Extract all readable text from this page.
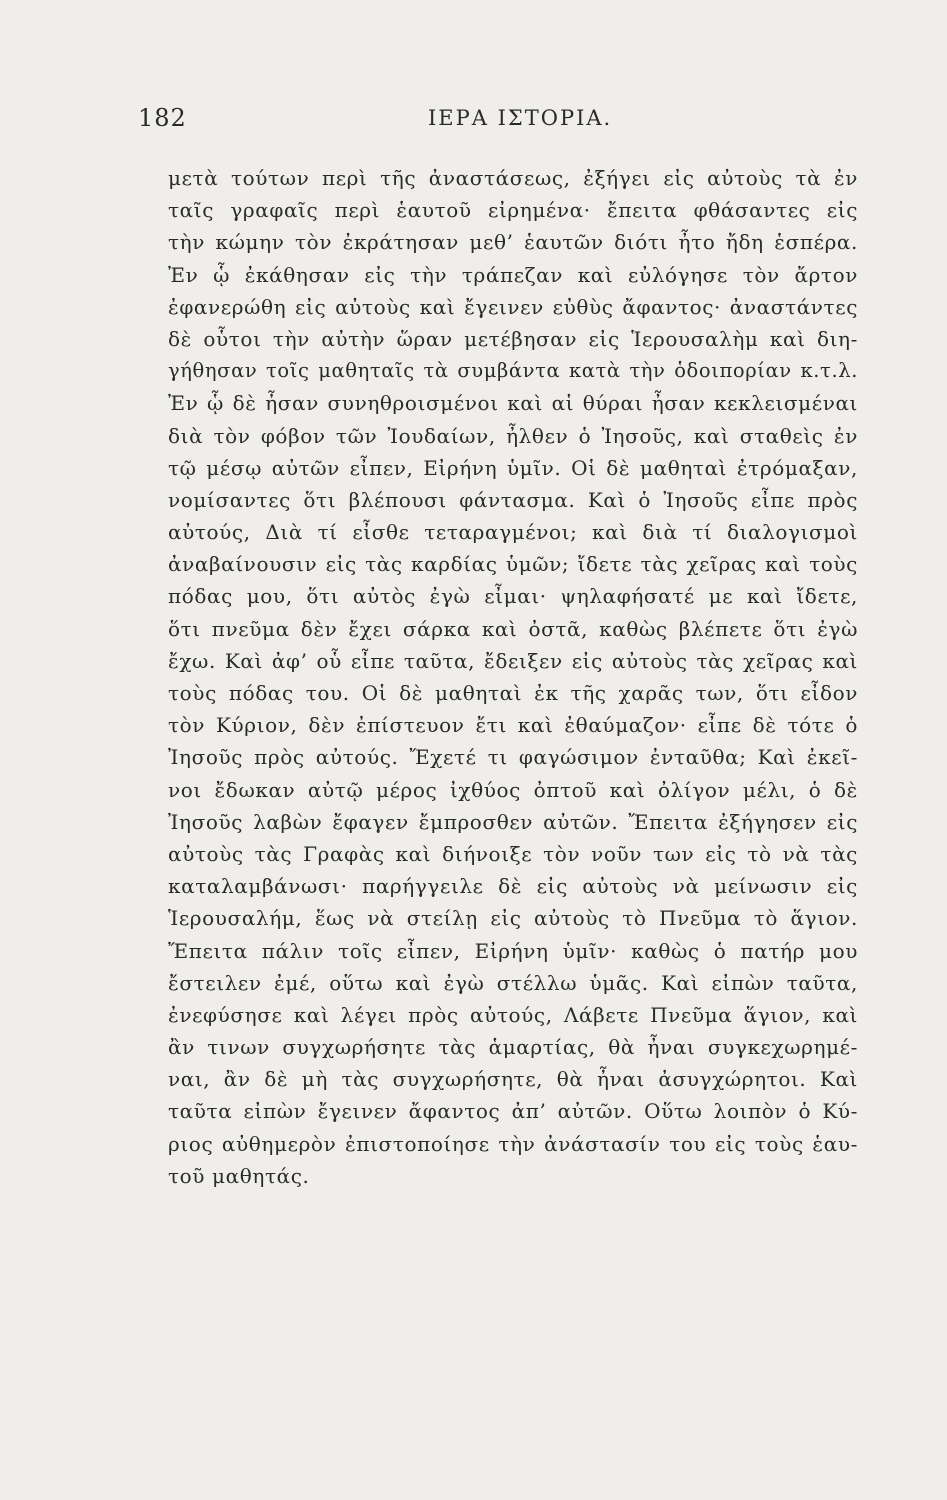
182	ΙΕΡΑ ΙΣΤΟΡΙΑ.
μετὰ τούτων περὶ τῆς ἀναστάσεως, ἐξήγει εἰς αὐτοὺς τὰ ἐν
ταῖς γραφαῖς περὶ ἑαυτοῦ εἰρημένα· ἔπειτα φθάσαντες εἰς
τὴν κώμην τὸν ἐκράτησαν μεθ’ ἑαυτῶν διότι ἦτο ἤδη ἑσπέρα.
Ἐν ᾧ ἐκάθησαν εἰς τὴν τράπεζαν καὶ εὐλόγησε τὸν ἄρτον
ἐφανερώθη εἰς αὐτοὺς καὶ ἔγεινεν εὐθὺς ἄφαντος· ἀναστάντες
δὲ οὗτοι τὴν αὐτὴν ὥραν μετέβησαν εἰς Ἱερουσαλὴμ καὶ διη-
γήθησαν τοῖς μαθηταῖς τὰ συμβάντα κατὰ τὴν ὁδοιπορίαν κ.τ.λ.
Ἐν ᾧ δὲ ἦσαν συνηθροισμένοι καὶ αἱ θύραι ἦσαν κεκλεισμέναι
διὰ τὸν φόβον τῶν Ἰουδαίων, ἦλθεν ὁ Ἰησοῦς, καὶ σταθεὶς ἐν
τῷ μέσῳ αὐτῶν εἶπεν, Εἰρήνη ὑμῖν. Οἱ δὲ μαθηταὶ ἐτρόμαξαν,
νομίσαντες ὅτι βλέπουσι φάντασμα. Καὶ ὁ Ἰησοῦς εἶπε πρὸς
αὐτούς, Διὰ τί εἶσθε τεταραγμένοι; καὶ διὰ τί διαλογισμοὶ
ἀναβαίνουσιν εἰς τὰς καρδίας ὑμῶν; ἴδετε τὰς χεῖρας καὶ τοὺς
πόδας μου, ὅτι αὐτὸς ἐγὼ εἶμαι· ψηλαφήσατέ με καὶ ἴδετε,
ὅτι πνεῦμα δὲν ἔχει σάρκα καὶ ὀστᾶ, καθὼς βλέπετε ὅτι ἐγὼ
ἔχω. Καὶ ἀφ’ οὗ εἶπε ταῦτα, ἔδειξεν εἰς αὐτοὺς τὰς χεῖρας καὶ
τοὺς πόδας του. Οἱ δὲ μαθηταὶ ἐκ τῆς χαρᾶς των, ὅτι εἶδον
τὸν Κύριον, δὲν ἐπίστευον ἔτι καὶ ἐθαύμαζον· εἶπε δὲ τότε ὁ
Ἰησοῦς πρὸς αὐτούς. Ἔχετέ τι φαγώσιμον ἐνταῦθα; Καὶ ἐκεῖ-
νοι ἔδωκαν αὐτῷ μέρος ἰχθύος ὀπτοῦ καὶ ὀλίγον μέλι, ὁ δὲ
Ἰησοῦς λαβὼν ἔφαγεν ἔμπροσθεν αὐτῶν. Ἔπειτα ἐξήγησεν εἰς
αὐτοὺς τὰς Γραφὰς καὶ διήνοιξε τὸν νοῦν των εἰς τὸ νὰ τὰς
καταλαμβάνωσι· παρήγγειλε δὲ εἰς αὐτοὺς νὰ μείνωσιν εἰς
Ἱερουσαλήμ, ἕως νὰ στείλῃ εἰς αὐτοὺς τὸ Πνεῦμα τὸ ἅγιον.
Ἔπειτα πάλιν τοῖς εἶπεν, Εἰρήνη ὑμῖν· καθὼς ὁ πατήρ μου
ἔστειλεν ἐμέ, οὕτω καὶ ἐγὼ στέλλω ὑμᾶς. Καὶ εἰπὼν ταῦτα,
ἐνεφύσησε καὶ λέγει πρὸς αὐτούς, Λάβετε Πνεῦμα ἅγιον, καὶ
ἂν τινων συγχωρήσητε τὰς ἁμαρτίας, θὰ ἦναι συγκεχωρημέ-
ναι, ἂν δὲ μὴ τὰς συγχωρήσητε, θὰ ἦναι ἀσυγχώρητοι. Καὶ
ταῦτα εἰπὼν ἔγεινεν ἄφαντος ἀπ’ αὐτῶν. Οὕτω λοιπὸν ὁ Κύ-
ριος αὐθημερὸν ἐπιστοποίησε τὴν ἀνάστασίν του εἰς τοὺς ἑαυ-
τοῦ μαθητάς.
